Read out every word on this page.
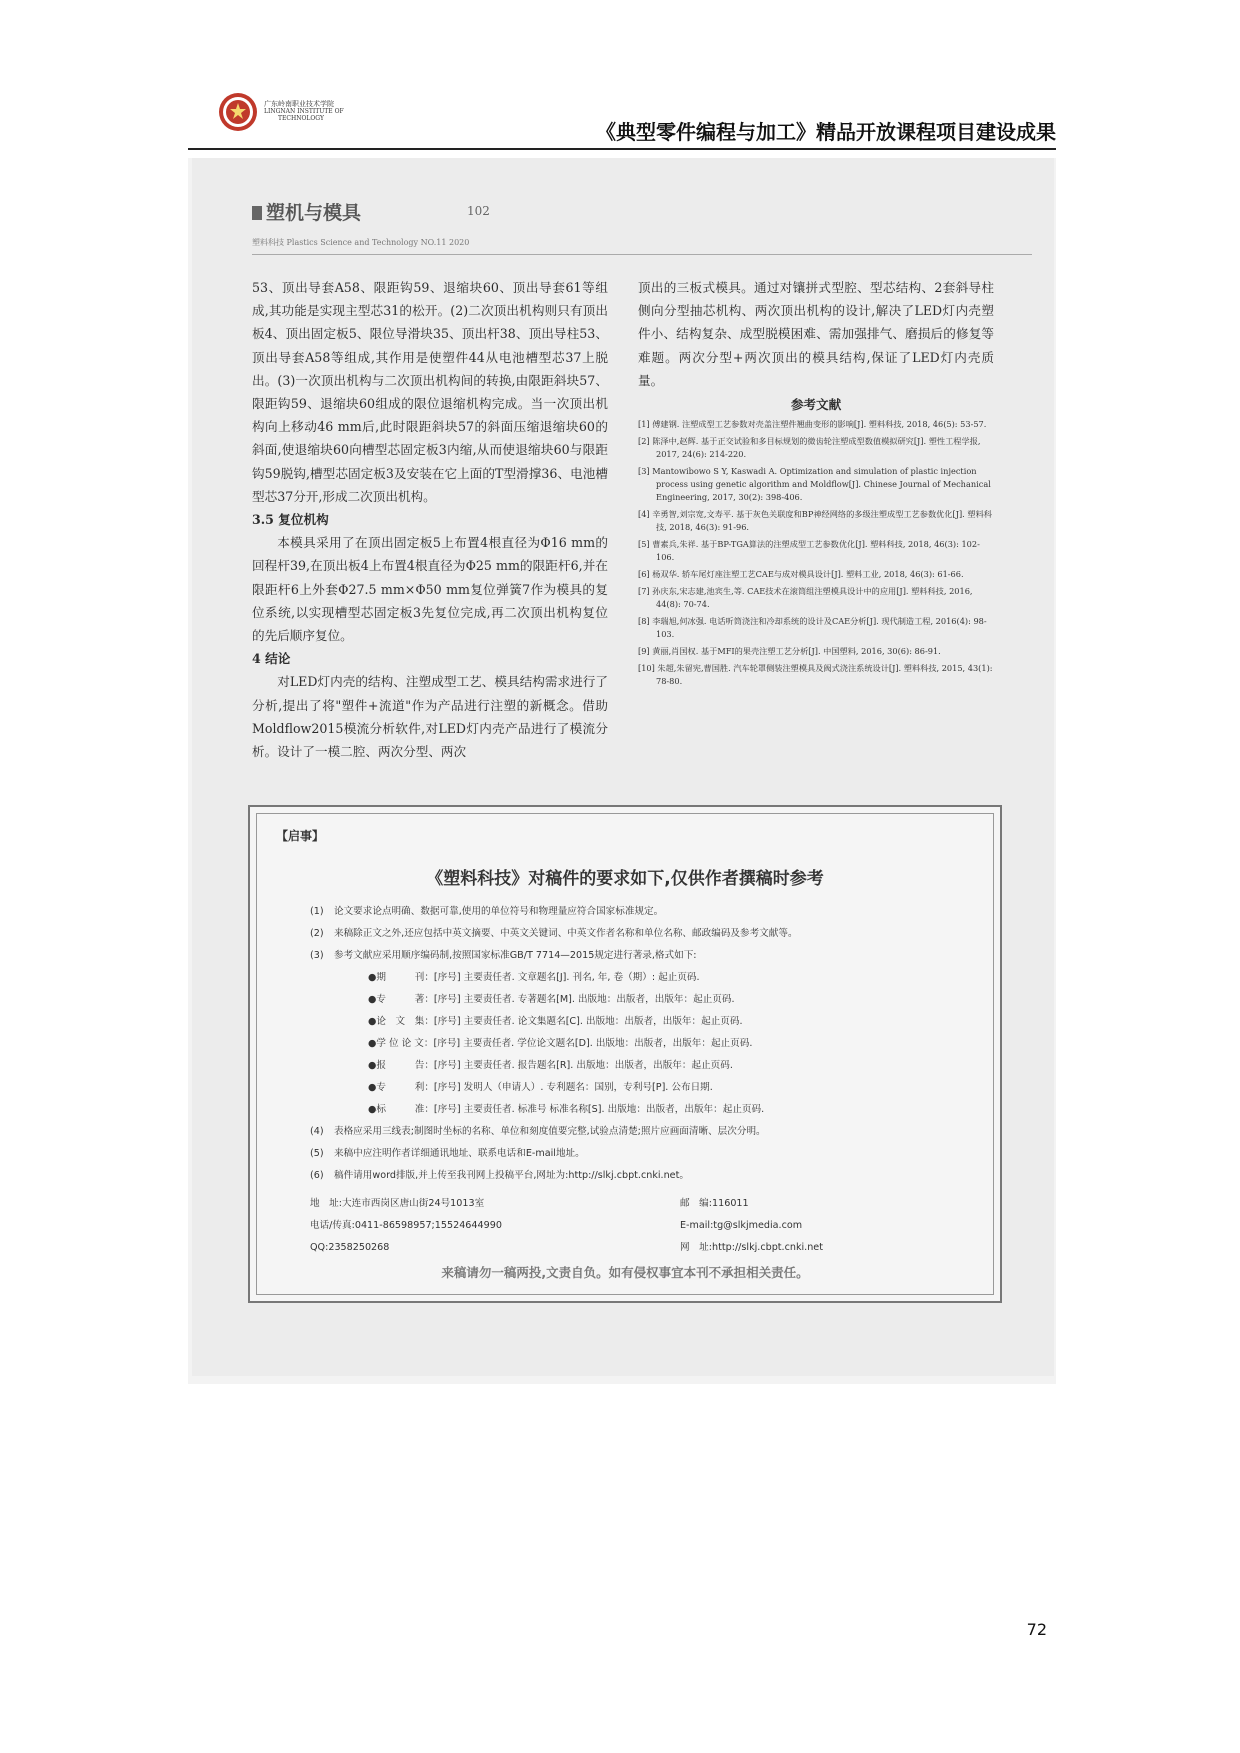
广东岭南职业技术学院
LINGNAN INSTITUTE OF
TECHNOLOGY
《典型零件编程与加工》精品开放课程项目建设成果
塑机与模具	102
塑料科技 Plastics Science and Technology NO.11 2020

53、顶出导套A58、限距钩59、退缩块60、顶出导套61等组成,其功能是实现主型芯31的松开。(2)二次顶出机构则只有顶出板4、顶出固定板5、限位导滑块35、顶出杆38、顶出导柱53、顶出导套A58等组成,其作用是使塑件44从电池槽型芯37上脱出。(3)一次顶出机构与二次顶出机构间的转换,由限距斜块57、限距钩59、退缩块60组成的限位退缩机构完成。当一次顶出机构向上移动46 mm后,此时限距斜块57的斜面压缩退缩块60的斜面,使退缩块60向槽型芯固定板3内缩,从而使退缩块60与限距钩59脱钩,槽型芯固定板3及安装在它上面的T型滑撑36、电池槽型芯37分开,形成二次顶出机构。

3.5 复位机构

本模具采用了在顶出固定板5上布置4根直径为Φ16 mm的回程杆39,在顶出板4上布置4根直径为Φ25 mm的限距杆6,并在限距杆6上外套Φ27.5 mm×Φ50 mm复位弹簧7作为模具的复位系统,以实现槽型芯固定板3先复位完成,再二次顶出机构复位的先后顺序复位。

4 结论

对LED灯内壳的结构、注塑成型工艺、模具结构需求进行了分析,提出了将"塑件+流道"作为产品进行注塑的新概念。借助Moldflow2015模流分析软件,对LED灯内壳产品进行了模流分析。设计了一模二腔、两次分型、两次

顶出的三板式模具。通过对镶拼式型腔、型芯结构、2套斜导柱侧向分型抽芯机构、两次顶出机构的设计,解决了LED灯内壳塑件小、结构复杂、成型脱模困难、需加强排气、磨损后的修复等难题。两次分型+两次顶出的模具结构,保证了LED灯内壳质量。

参考文献
[1] 傅建钢. 注塑成型工艺参数对壳盖注塑件翘曲变形的影响[J]. 塑料科技, 2018, 46(5): 53-57.
[2] 陈泽中,赵辉. 基于正交试验和多目标规划的微齿轮注塑成型数值模拟研究[J]. 塑性工程学报, 2017, 24(6): 214-220.
[3] Mantowibowo S Y, Kaswadi A. Optimization and simulation of plastic injection process using genetic algorithm and Moldflow[J]. Chinese Journal of Mechanical Engineering, 2017, 30(2): 398-406.
[4] 辛勇智,刘宗宽,文寿平. 基于灰色关联度和BP神经网络的多级注塑成型工艺参数优化[J]. 塑料科技, 2018, 46(3): 91-96.
[5] 曹素兵,朱祥. 基于BP-TGA算法的注塑成型工艺参数优化[J]. 塑料科技, 2018, 46(3): 102-106.
[6] 杨双华. 轿车尾灯座注塑工艺CAE与成对模具设计[J]. 塑料工业, 2018, 46(3): 61-66.
[7] 孙庆东,宋志建,池宾生,等. CAE技术在滚筒组注塑模具设计中的应用[J]. 塑料科技, 2016, 44(8): 70-74.
[8] 李瑞旭,何冰强. 电话听筒浇注和冷却系统的设计及CAE分析[J]. 现代制造工程, 2016(4): 98-103.
[9] 黄丽,肖国权. 基于MFI的果壳注塑工艺分析[J]. 中国塑料, 2016, 30(6): 86-91.
[10] 朱超,朱留宪,曹国胜. 汽车轮罩侧装注塑模具及阀式浇注系统设计[J]. 塑料科技, 2015, 43(1): 78-80.
【启事】
《塑料科技》对稿件的要求如下,仅供作者撰稿时参考
(1) 论文要求论点明确、数据可靠,使用的单位符号和物理量应符合国家标准规定。
(2) 来稿除正文之外,还应包括中英文摘要、中英文关键词、中英文作者名称和单位名称、邮政编码及参考文献等。
(3) 参考文献应采用顺序编码制,按照国家标准GB/T 7714—2015规定进行著录,格式如下:
●期　　　刊：[序号] 主要责任者. 文章题名[J]. 刊名, 年, 卷（期）: 起止页码.
●专　　　著：[序号] 主要责任者. 专著题名[M]. 出版地：出版者，出版年：起止页码.
●论　文　集：[序号] 主要责任者. 论文集题名[C]. 出版地：出版者，出版年：起止页码.
●学 位 论 文：[序号] 主要责任者. 学位论文题名[D]. 出版地：出版者，出版年：起止页码.
●报　　　告：[序号] 主要责任者. 报告题名[R]. 出版地：出版者，出版年：起止页码.
●专　　　利：[序号] 发明人（申请人）. 专利题名：国别，专利号[P]. 公布日期.
●标　　　准：[序号] 主要责任者. 标准号 标准名称[S]. 出版地：出版者，出版年：起止页码.
(4) 表格应采用三线表;制图时坐标的名称、单位和刻度值要完整,试验点清楚;照片应画面清晰、层次分明。
(5) 来稿中应注明作者详细通讯地址、联系电话和E-mail地址。
(6) 稿件请用word排版,并上传至我刊网上投稿平台,网址为:http://slkj.cbpt.cnki.net。
地　址:大连市西岗区唐山街24号1013室	邮　编:116011
电话/传真:0411-86598957;15524644990	E-mail:tg@slkjmedia.com
QQ:2358250268	网　址:http://slkj.cbpt.cnki.net
来稿请勿一稿两投,文责自负。如有侵权事宜本刊不承担相关责任。
72
